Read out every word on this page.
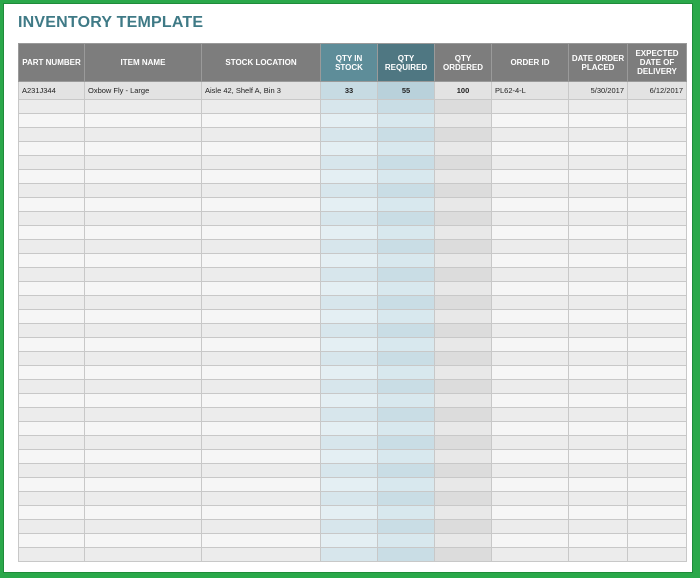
INVENTORY TEMPLATE
PART NUMBER	ITEM NAME	STOCK LOCATION	QTY IN STOCK	QTY REQUIRED	QTY ORDERED	ORDER ID	DATE ORDER PLACED	EXPECTED DATE OF DELIVERY
A231J344	Oxbow Fly - Large	Aisle 42, Shelf A, Bin 3	33	55	100	PL62-4-L	5/30/2017	6/12/2017
